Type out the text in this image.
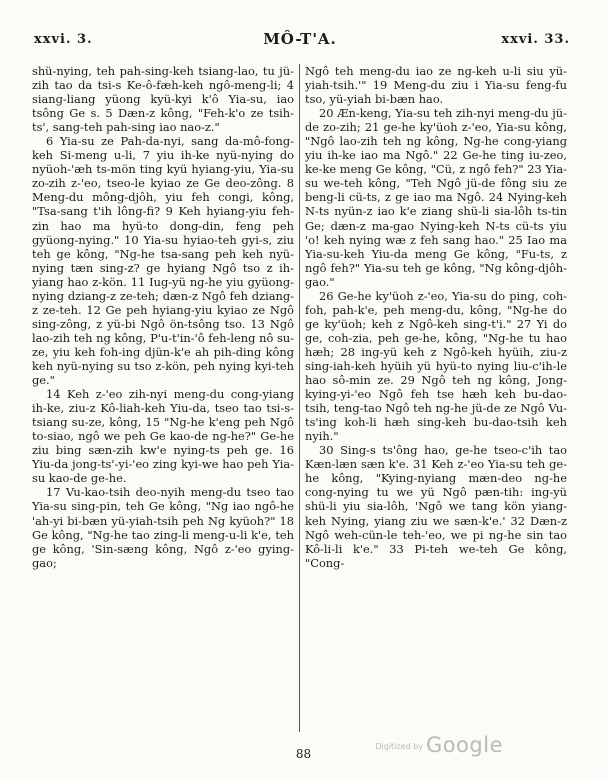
xxvi. 3.	MÔ-T'A.	xxvi. 33.

shü-nying, teh pah-sing-keh tsiang-lao, tu jü-zih tao da tsi-s Ke-ô-fæh-keh ngô-meng-li; 4 siang-liang yüong kyü-kyi k'ô Yia-su, iao tsông Ge s. 5 Dæn-z kông, "Feh-k'o ze tsih-ts', sang-teh pah-sing iao nao-z."

6 Yia-su ze Pah-da-nyi, sang da-mô-fong-keh Si-meng u-li, 7 yiu ih-ke nyü-nying do nyüoh-'æh ts-mön ting kyü hyiang-yiu, Yia-su zo-zih z-'eo, tseo-le kyiao ze Ge deo-zông. 8 Meng-du mông-djôh, yiu feh congi, kông, "Tsa-sang t'ih lông-fi? 9 Keh hyiang-yiu feh-zin hao ma hyü-to dong-din, feng peh gyüong-nying." 10 Yia-su hyiao-teh gyi-s, ziu teh ge kông, "Ng-he tsa-sang peh keh nyü-nying tæn sing-z? ge hyiang Ngô tso z ih-yiang hao z-kön. 11 Iug-yü ng-he yiu gyüong-nying dziang-z ze-teh; dæn-z Ngô feh dziang-z ze-teh. 12 Ge peh hyiang-yiu kyiao ze Ngô sing-zông, z yü-bi Ngô ön-tsông tso. 13 Ngô lao-zih teh ng kông, P'u-t'in-'ô feh-leng nô su-ze, yiu keh foh-ing djün-k'e ah pih-ding kông keh nyü-nying su tso z-kön, peh nying kyi-teh ge."

14 Keh z-'eo zih-nyi meng-du cong-yiang ih-ke, ziu-z Kô-liah-keh Yiu-da, tseo tao tsi-s-tsiang su-ze, kông, 15 "Ng-he k'eng peh Ngô to-siao, ngô we peh Ge kao-de ng-he?" Ge-he ziu bing sæn-zih kw'e nying-ts peh ge. 16 Yiu-da jong-ts'-yi-'eo zing kyi-we hao peh Yia-su kao-de ge-he.

17 Vu-kao-tsih deo-nyih meng-du tseo tao Yia-su sing-pin, teh Ge kông, "Ng iao ngô-he 'ah-yi bi-bæn yü-yiah-tsih peh Ng kyüoh?" 18 Ge kông, "Ng-he tao zing-li meng-u-li k'e, teh ge kông, 'Sin-sæng kông, Ngô z-'eo gying-gao;

Ngô teh meng-du iao ze ng-keh u-li siu yü-yiah-tsih.'" 19 Meng-du ziu i Yia-su feng-fu tso, yü-yiah bi-bæn hao.

20 Æn-keng, Yia-su teh zih-nyi meng-du jü-de zo-zih; 21 ge-he ky'üoh z-'eo, Yia-su kông, "Ngô lao-zih teh ng kông, Ng-he cong-yiang yiu ih-ke iao ma Ngô." 22 Ge-he ting iu-zeo, ke-ke meng Ge kông, "Cü, z ngô feh?" 23 Yia-su we-teh kông, "Teh Ngô jü-de fông siu ze beng-li cü-ts, z ge iao ma Ngô. 24 Nying-keh N-ts nyün-z iao k'e ziang shü-li sia-lôh ts-tin Ge; dæn-z ma-gao Nying-keh N-ts cü-ts yiu 'o! keh nying wæ z feh sang hao." 25 Iao ma Yia-su-keh Yiu-da meng Ge kông, "Fu-ts, z ngô feh?" Yia-su teh ge kông, "Ng kông-djôh-gao."

26 Ge-he ky'üoh z-'eo, Yia-su do ping, coh-foh, pah-k'e, peh meng-du, kông, "Ng-he do ge ky'üoh; keh z Ngô-keh sing-t'i." 27 Yi do ge, coh-zia, peh ge-he, kông, "Ng-he tu hao hæh; 28 ing-yü keh z Ngô-keh hyüih, ziu-z sing-iah-keh hyüih yü hyü-to nying liu-c'ih-le hao sô-min ze. 29 Ngô teh ng kông, Jong-kying-yi-'eo Ngô feh tse hæh keh bu-dao-tsih, teng-tao Ngô teh ng-he jü-de ze Ngô Vu-ts'ing koh-li hæh sing-keh bu-dao-tsih keh nyih."

30 Sing-s ts'ông hao, ge-he tseo-c'ih tao Kæn-læn sæn k'e. 31 Keh z-'eo Yia-su teh ge-he kông, "Kying-nyiang mæn-deo ng-he cong-nying tu we yü Ngô pæn-tih: ing-yü shü-li yiu sia-lôh, 'Ngô we tang kön yiang-keh Nying, yiang ziu we sæn-k'e.' 32 Dæn-z Ngô weh-cün-le teh-'eo, we pi ng-he sin tao Kô-li-li k'e." 33 Pi-teh we-teh Ge kông, "Cong-

88
Digitized by Google
